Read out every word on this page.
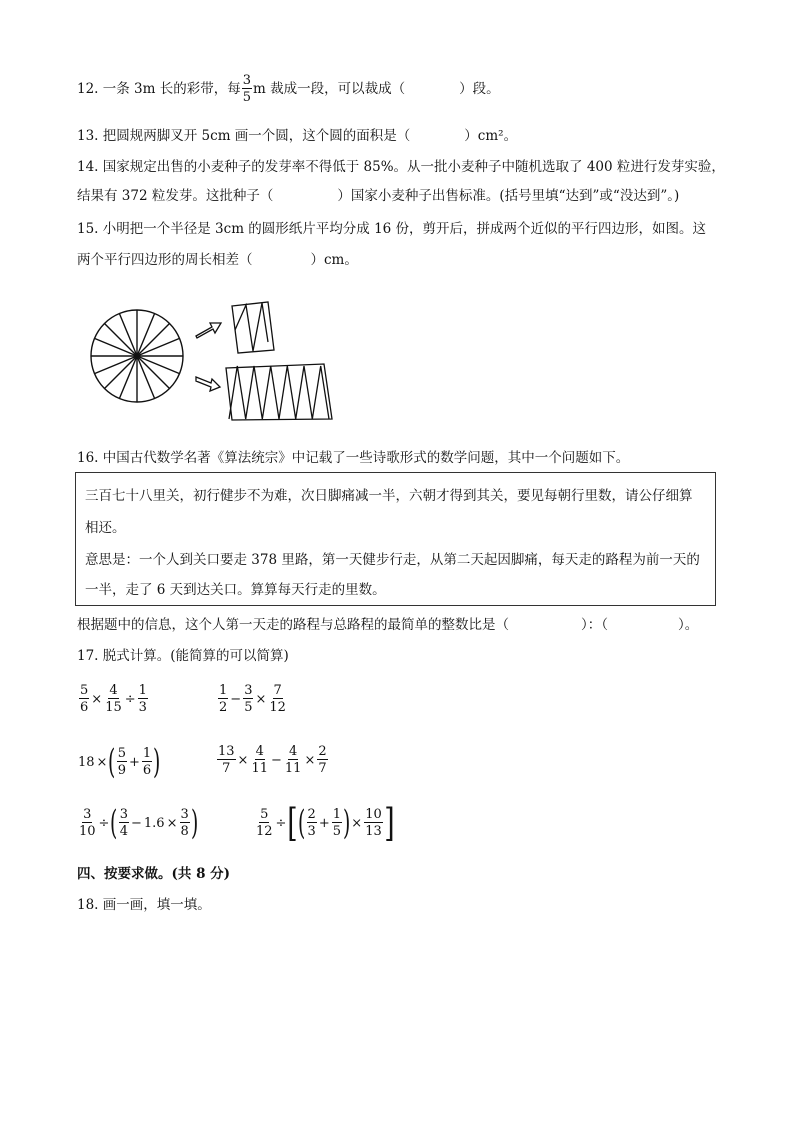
12. 一条 3m 长的彩带，每 $\frac{3}{5}$ m 裁成一段，可以裁成（	）段。
13. 把圆规两脚叉开 5cm 画一个圆，这个圆的面积是（	）cm²。
14. 国家规定出售的小麦种子的发芽率不得低于 85%。从一批小麦种子中随机选取了 400 粒进行发芽实验，
结果有 372 粒发芽。这批种子（	）国家小麦种子出售标准。(括号里填“达到”或“没达到”。)
15. 小明把一个半径是 3cm 的圆形纸片平均分成 16 份，剪开后，拼成两个近似的平行四边形，如图。这
两个平行四边形的周长相差（	）cm。
16. 中国古代数学名著《算法统宗》中记载了一些诗歌形式的数学问题，其中一个问题如下。
三百七十八里关，初行健步不为难，次日脚痛减一半，六朝才得到其关，要见每朝行里数，请公仔细算
相还。
意思是：一个人到关口要走 378 里路，第一天健步行走，从第二天起因脚痛，每天走的路程为前一天的
一半，走了 6 天到达关口。算算每天行走的里数。
根据题中的信息，这个人第一天走的路程与总路程的最简单的整数比是（	）：（	）。
17. 脱式计算。(能简算的可以简算)
$\frac{5}{6} \times \frac{4}{15} \div \frac{1}{3}$	$\frac{1}{2} - \frac{3}{5} \times \frac{7}{12}$
18 × ( $\frac{5}{9} + \frac{1}{6}$ )	$\frac{13}{7} \times \frac{4}{11} - \frac{4}{11} \times \frac{2}{7}$
$\frac{3}{10}$ ÷ ( $\frac{3}{4} - 1.6 \times \frac{3}{8}$ )	$\frac{5}{12}$ ÷ [ ( $\frac{2}{3} + \frac{1}{5}$ ) × $\frac{10}{13}$ ]
四、按要求做。(共 8 分)
18. 画一画，填一填。
